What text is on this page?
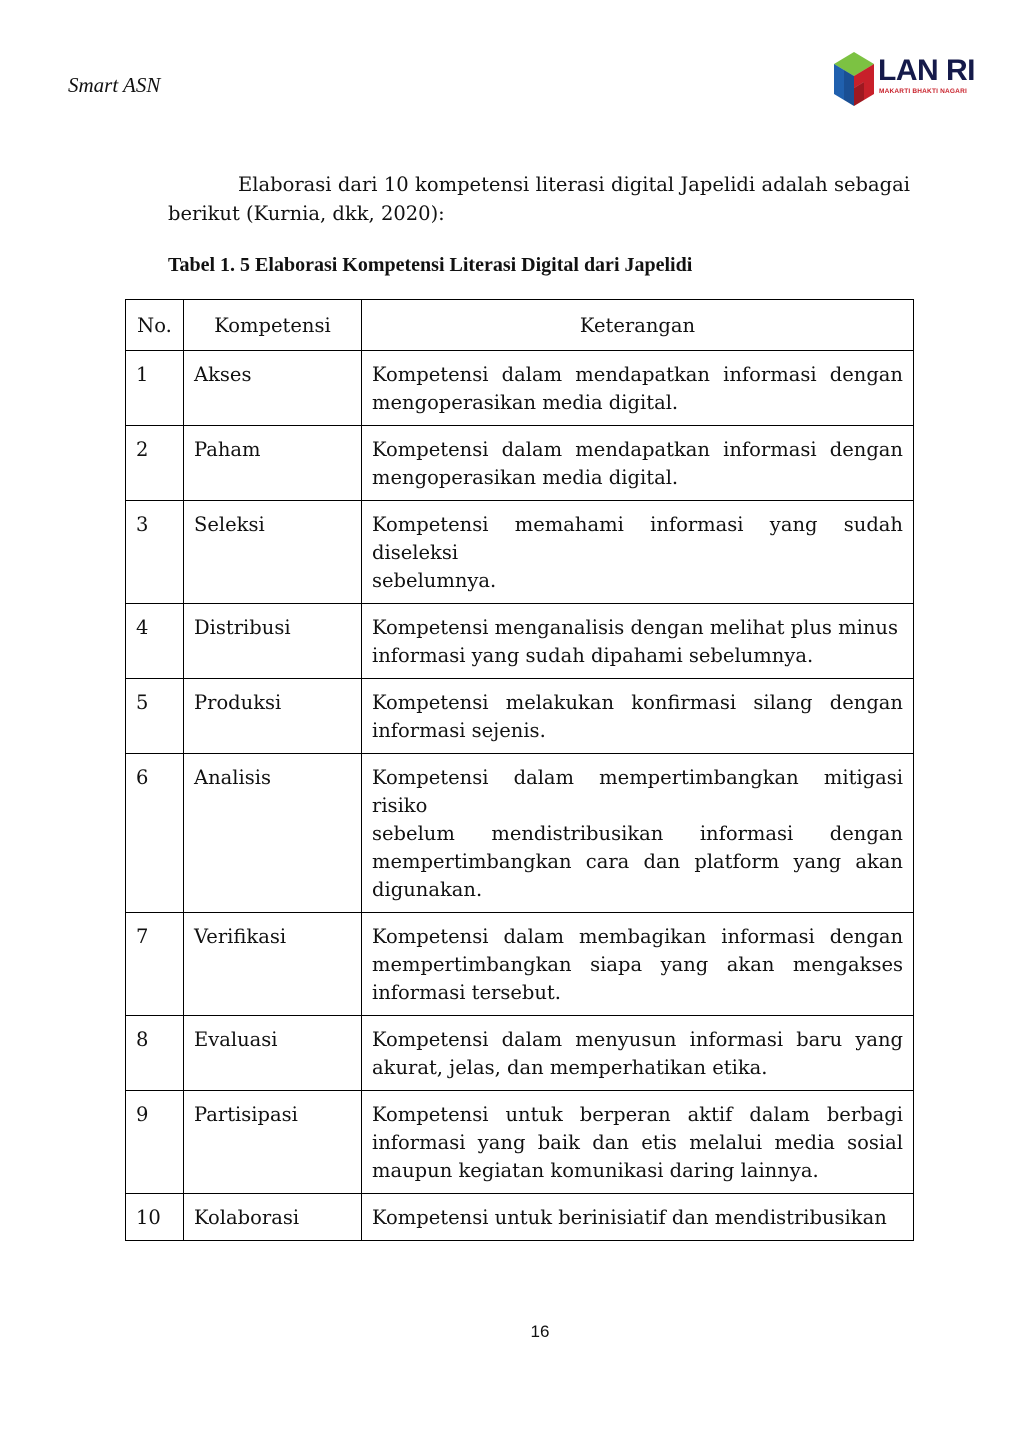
Smart ASN	LAN RI
MAKARTI BHAKTI NAGARI
Elaborasi dari 10 kompetensi literasi digital Japelidi adalah sebagai berikut (Kurnia, dkk, 2020):
Tabel 1. 5 Elaborasi Kompetensi Literasi Digital dari Japelidi
No.	Kompetensi	Keterangan
1	Akses	Kompetensi dalam mendapatkan informasi dengan mengoperasikan media digital.

2	Paham	Kompetensi dalam mendapatkan informasi dengan mengoperasikan media digital.

3	Seleksi	Kompetensi memahami informasi yang sudah diseleksi
sebelumnya.

4	Distribusi	Kompetensi menganalisis dengan melihat plus minus
informasi yang sudah dipahami sebelumnya.

5	Produksi	Kompetensi melakukan konfirmasi silang dengan informasi sejenis.

6	Analisis	Kompetensi dalam mempertimbangkan mitigasi risiko
sebelum mendistribusikan informasi dengan mempertimbangkan cara dan platform yang akan digunakan.

7	Verifikasi	Kompetensi dalam membagikan informasi dengan mempertimbangkan siapa yang akan mengakses informasi tersebut.

8	Evaluasi	Kompetensi dalam menyusun informasi baru yang akurat, jelas, dan memperhatikan etika.

9	Partisipasi	Kompetensi untuk berperan aktif dalam berbagi informasi yang baik dan etis melalui media sosial maupun kegiatan komunikasi daring lainnya.

10	Kolaborasi	Kompetensi untuk berinisiatif dan mendistribusikan
16
